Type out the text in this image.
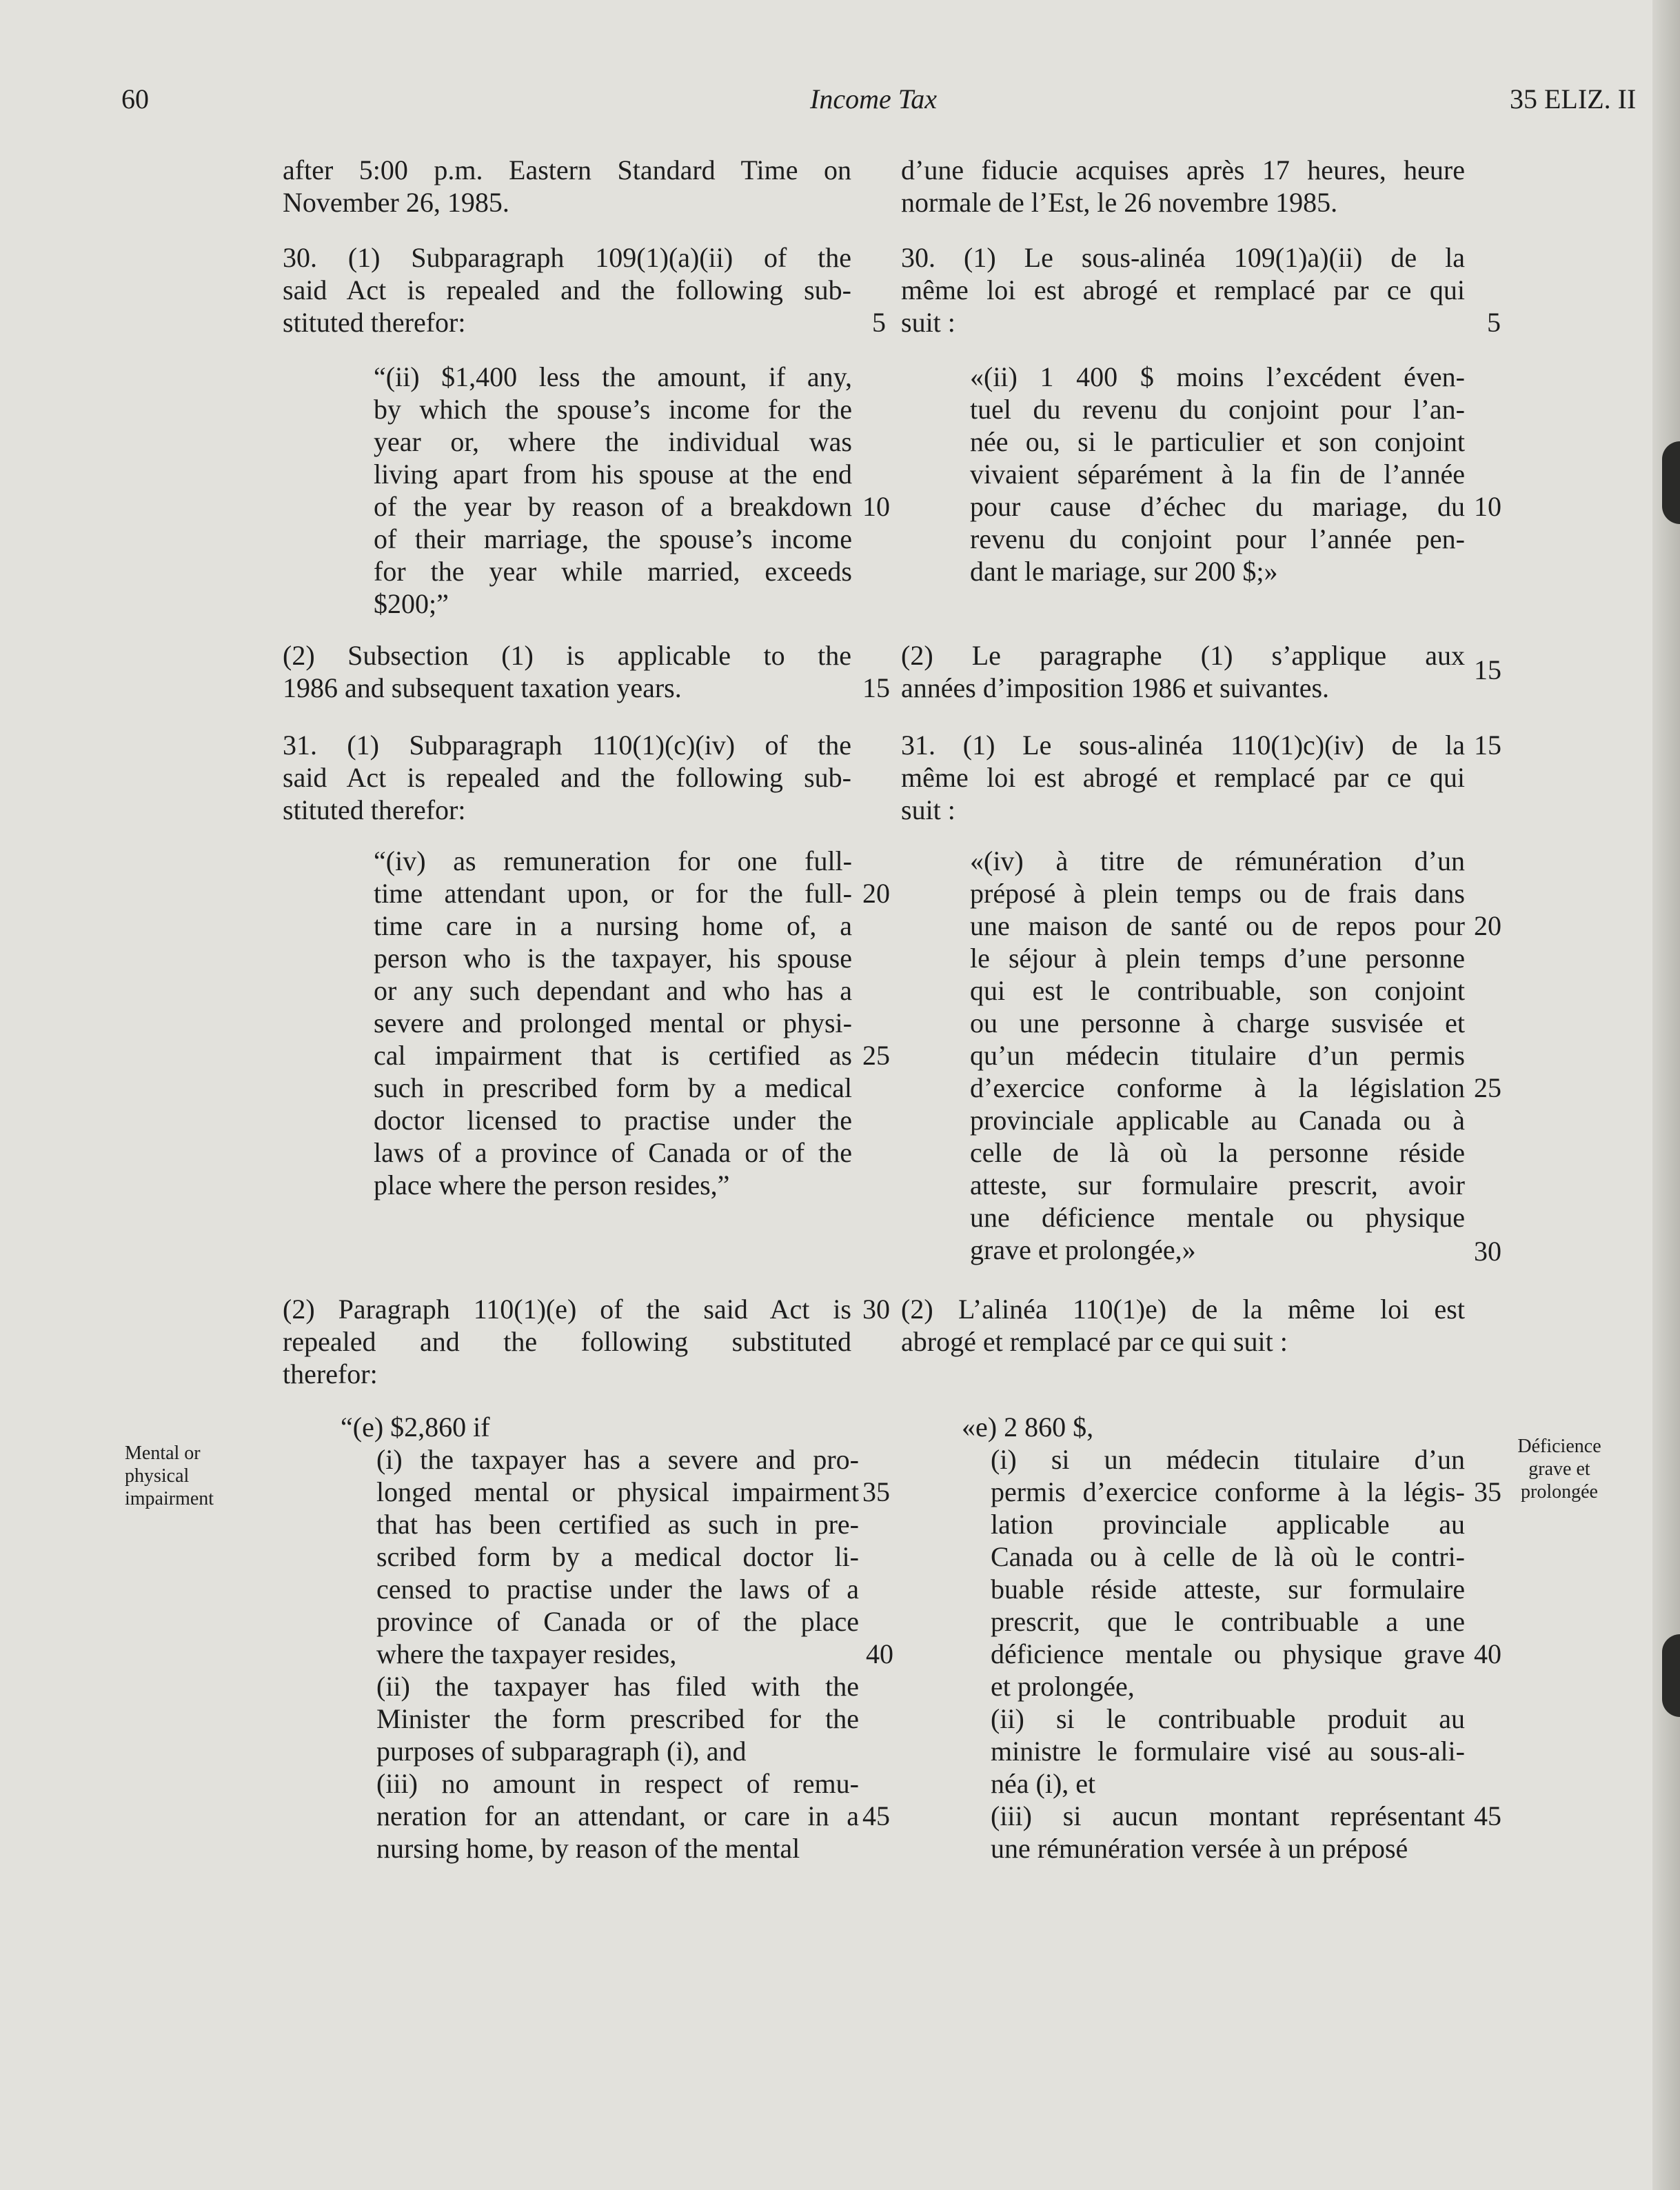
60	Income Tax	35 ELIZ. II
Mental or
physical
impairment
Déficience
grave et
prolongée
after 5:00 p.m. Eastern Standard Time on
November 26, 1985.
30. (1) Subparagraph 109(1)(a)(ii) of the
said Act is repealed and the following sub-
stituted therefor:
“(ii) $1,400 less the amount, if any,
by which the spouse’s income for the
year or, where the individual was
living apart from his spouse at the end
of the year by reason of a breakdown
of their marriage, the spouse’s income
for the year while married, exceeds
$200;”
(2) Subsection (1) is applicable to the
1986 and subsequent taxation years.
31. (1) Subparagraph 110(1)(c)(iv) of the
said Act is repealed and the following sub-
stituted therefor:
“(iv) as remuneration for one full-
time attendant upon, or for the full-
time care in a nursing home of, a
person who is the taxpayer, his spouse
or any such dependant and who has a
severe and prolonged mental or physi-
cal impairment that is certified as
such in prescribed form by a medical
doctor licensed to practise under the
laws of a province of Canada or of the
place where the person resides,”
(2) Paragraph 110(1)(e) of the said Act is
repealed and the following substituted
therefor:
“(e) $2,860 if
(i) the taxpayer has a severe and pro-
longed mental or physical impairment
that has been certified as such in pre-
scribed form by a medical doctor li-
censed to practise under the laws of a
province of Canada or of the place
where the taxpayer resides,
(ii) the taxpayer has filed with the
Minister the form prescribed for the
purposes of subparagraph (i), and
(iii) no amount in respect of remu-
neration for an attendant, or care in a
nursing home, by reason of the mental
5
10
15
20
25
30
35
40
45
d’une fiducie acquises après 17 heures, heure
normale de l’Est, le 26 novembre 1985.
30. (1) Le sous-alinéa 109(1)a)(ii) de la
même loi est abrogé et remplacé par ce qui
suit :
«(ii) 1 400 $ moins l’excédent éven-
tuel du revenu du conjoint pour l’an-
née ou, si le particulier et son conjoint
vivaient séparément à la fin de l’année
pour cause d’échec du mariage, du
revenu du conjoint pour l’année pen-
dant le mariage, sur 200 $;»
(2) Le paragraphe (1) s’applique aux
années d’imposition 1986 et suivantes.
31. (1) Le sous-alinéa 110(1)c)(iv) de la
même loi est abrogé et remplacé par ce qui
suit :
«(iv) à titre de rémunération d’un
préposé à plein temps ou de frais dans
une maison de santé ou de repos pour
le séjour à plein temps d’une personne
qui est le contribuable, son conjoint
ou une personne à charge susvisée et
qu’un médecin titulaire d’un permis
d’exercice conforme à la législation
provinciale applicable au Canada ou à
celle de là où la personne réside
atteste, sur formulaire prescrit, avoir
une déficience mentale ou physique
grave et prolongée,»
(2) L’alinéa 110(1)e) de la même loi est
abrogé et remplacé par ce qui suit :
«e) 2 860 $,
(i) si un médecin titulaire d’un
permis d’exercice conforme à la légis-
lation provinciale applicable au
Canada ou à celle de là où le contri-
buable réside atteste, sur formulaire
prescrit, que le contribuable a une
déficience mentale ou physique grave
et prolongée,
(ii) si le contribuable produit au
ministre le formulaire visé au sous-ali-
néa (i), et
(iii) si aucun montant représentant
une rémunération versée à un préposé
5
10
15
15
20
25
30
35
40
45
